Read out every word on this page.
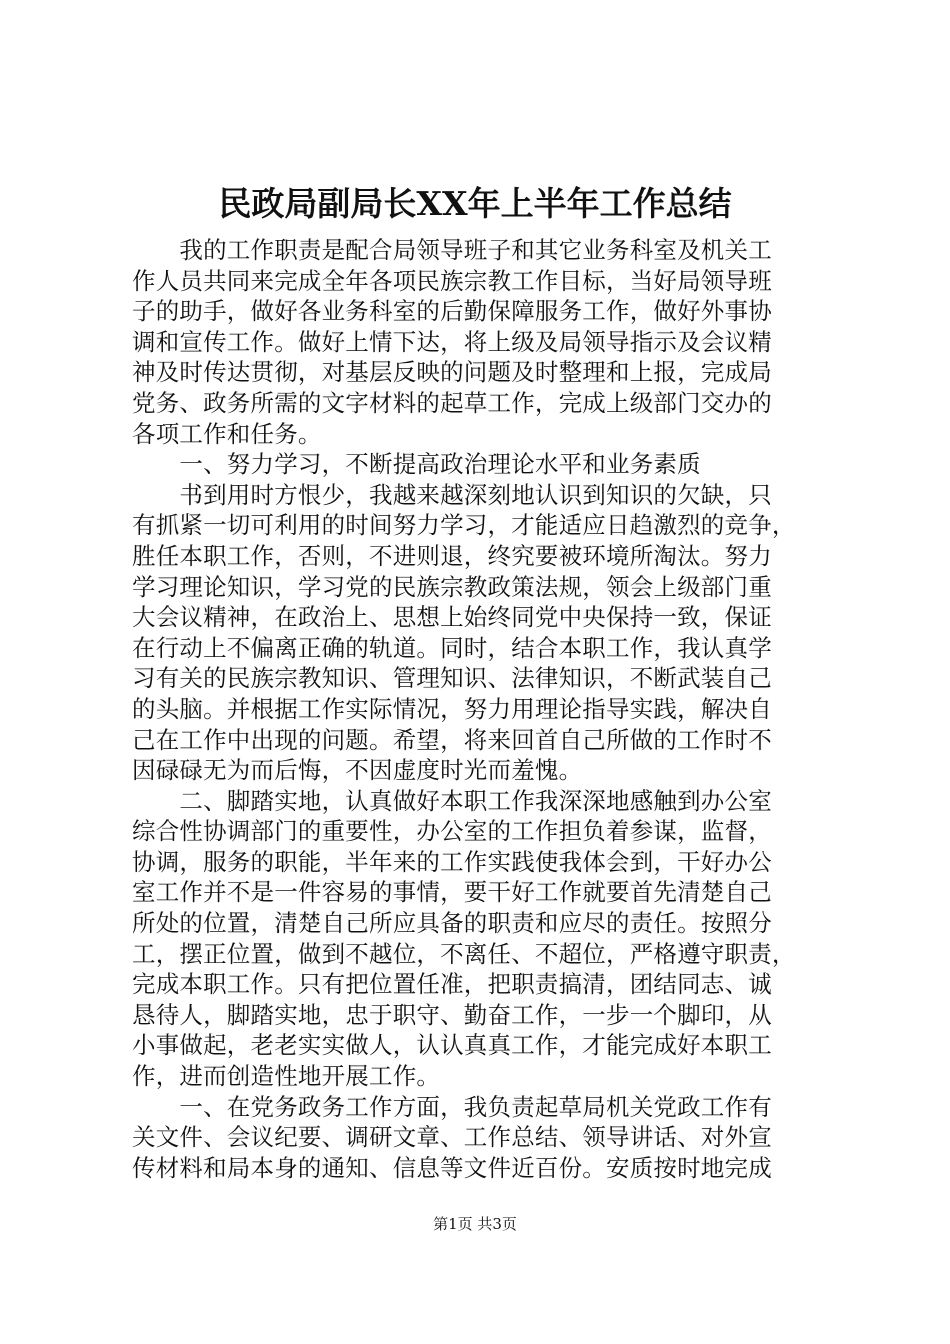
民政局副局长XX年上半年工作总结
　　我的工作职责是配合局领导班子和其它业务科室及机关工
作人员共同来完成全年各项民族宗教工作目标，当好局领导班
子的助手，做好各业务科室的后勤保障服务工作，做好外事协
调和宣传工作。做好上情下达，将上级及局领导指示及会议精
神及时传达贯彻，对基层反映的问题及时整理和上报，完成局
党务、政务所需的文字材料的起草工作，完成上级部门交办的
各项工作和任务。
　　一、努力学习，不断提高政治理论水平和业务素质
　　书到用时方恨少，我越来越深刻地认识到知识的欠缺，只
有抓紧一切可利用的时间努力学习，才能适应日趋激烈的竞争，
胜任本职工作，否则，不进则退，终究要被环境所淘汰。努力
学习理论知识，学习党的民族宗教政策法规，领会上级部门重
大会议精神，在政治上、思想上始终同党中央保持一致，保证
在行动上不偏离正确的轨道。同时，结合本职工作，我认真学
习有关的民族宗教知识、管理知识、法律知识，不断武装自己
的头脑。并根据工作实际情况，努力用理论指导实践，解决自
己在工作中出现的问题。希望，将来回首自己所做的工作时不
因碌碌无为而后悔，不因虚度时光而羞愧。
　　二、脚踏实地，认真做好本职工作我深深地感触到办公室
综合性协调部门的重要性，办公室的工作担负着参谋，监督，
协调，服务的职能，半年来的工作实践使我体会到，干好办公
室工作并不是一件容易的事情，要干好工作就要首先清楚自己
所处的位置，清楚自己所应具备的职责和应尽的责任。按照分
工，摆正位置，做到不越位，不离任、不超位，严格遵守职责，
完成本职工作。只有把位置任准，把职责搞清，团结同志、诚
恳待人，脚踏实地，忠于职守、勤奋工作，一步一个脚印，从
小事做起，老老实实做人，认认真真工作，才能完成好本职工
作，进而创造性地开展工作。
　　一、在党务政务工作方面，我负责起草局机关党政工作有
关文件、会议纪要、调研文章、工作总结、领导讲话、对外宣
传材料和局本身的通知、信息等文件近百份。安质按时地完成
第1页 共3页
